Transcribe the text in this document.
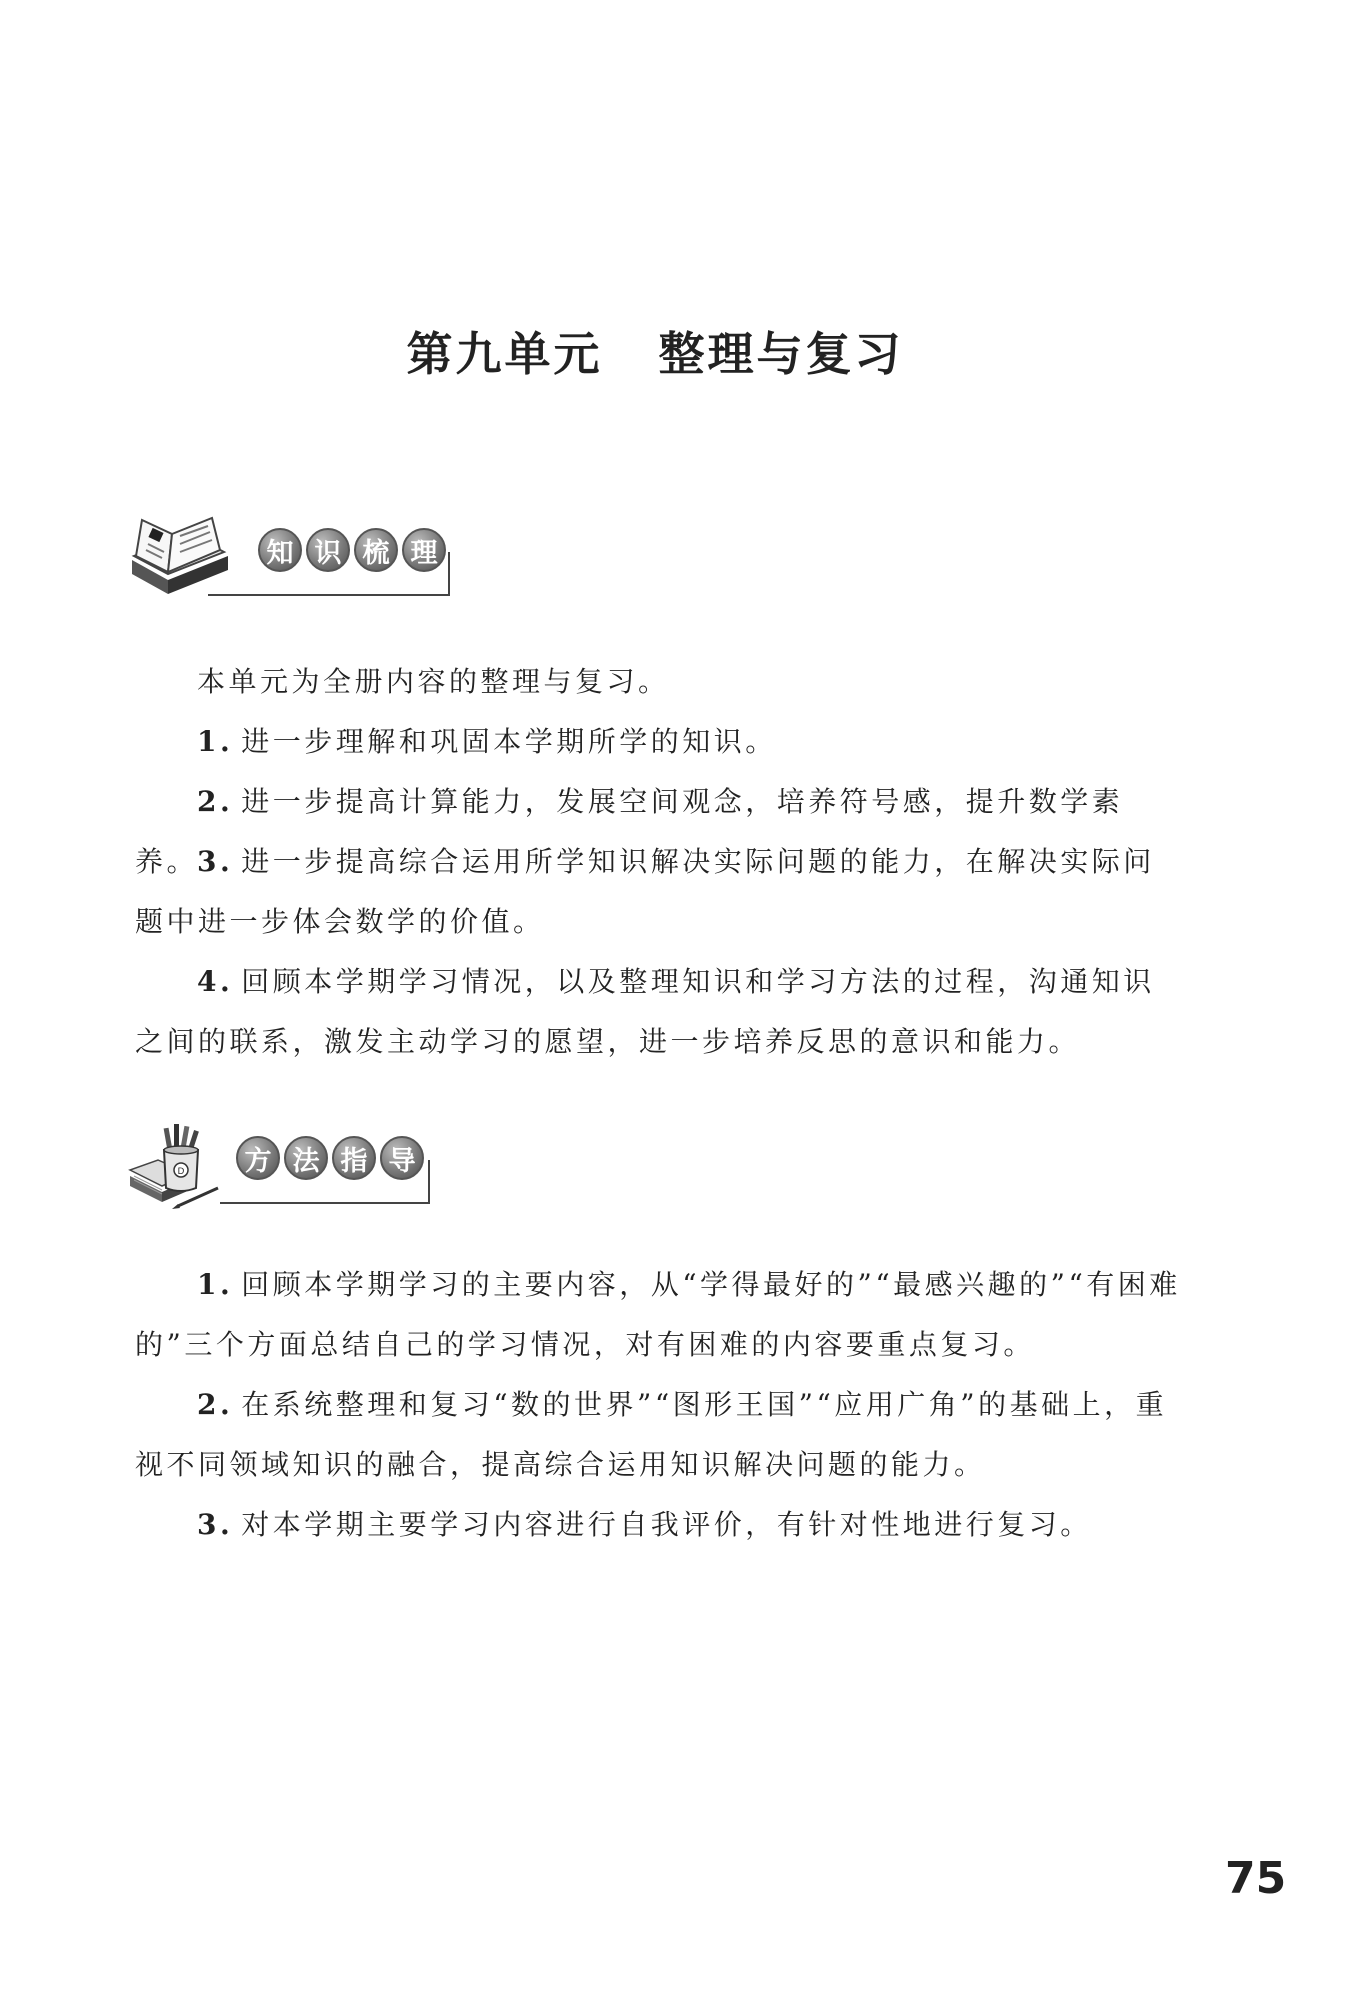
第九单元 整理与复习
知 识 梳 理
本单元为全册内容的整理与复习。
1. 进一步理解和巩固本学期所学的知识。
2. 进一步提高计算能力，发展空间观念，培养符号感，提升数学素养。
3. 进一步提高综合运用所学知识解决实际问题的能力，在解决实际问题中进一步体会数学的价值。
4. 回顾本学期学习情况，以及整理知识和学习方法的过程，沟通知识之间的联系，激发主动学习的愿望，进一步培养反思的意识和能力。
D	方 法 指 导
1. 回顾本学期学习的主要内容，从“学得最好的”“最感兴趣的”“有困难的”三个方面总结自己的学习情况，对有困难的内容要重点复习。
2. 在系统整理和复习“数的世界”“图形王国”“应用广角”的基础上，重视不同领域知识的融合，提高综合运用知识解决问题的能力。
3. 对本学期主要学习内容进行自我评价，有针对性地进行复习。
75
